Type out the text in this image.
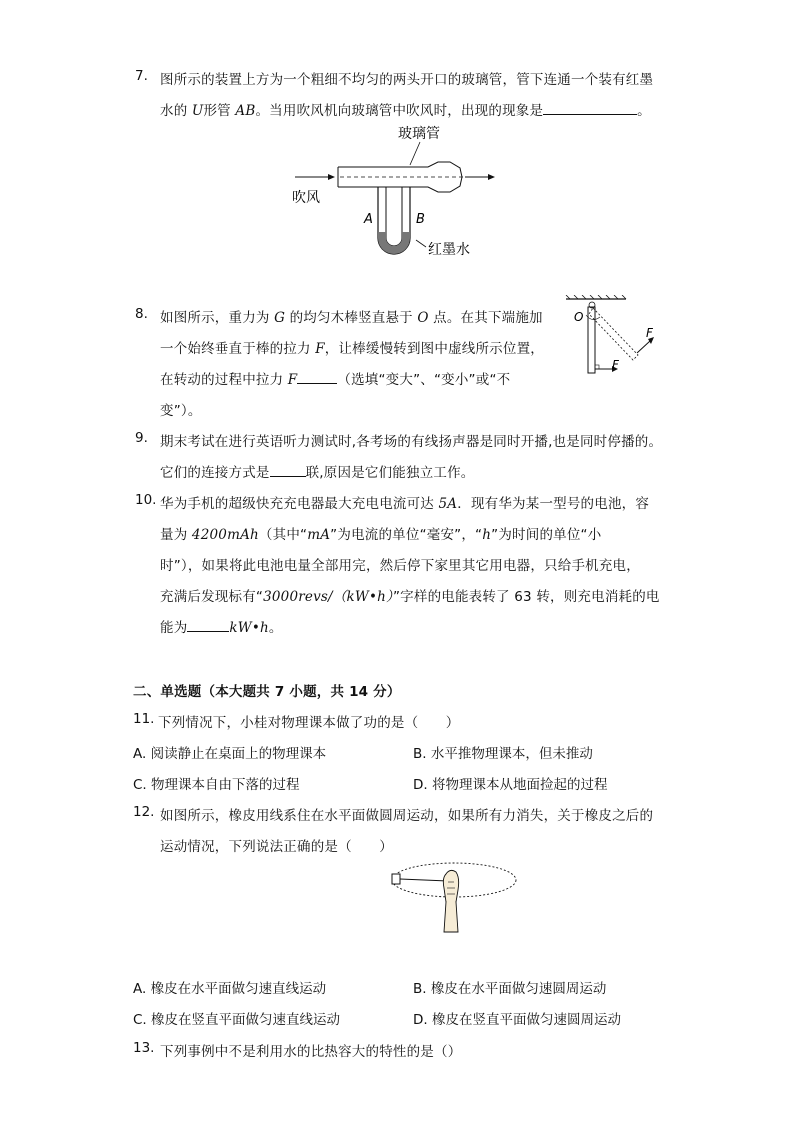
7. 图所示的装置上方为一个粗细不均匀的两头开口的玻璃管，管下连通一个装有红墨
水的 U形管 AB。当用吹风机向玻璃管中吹风时，出现的现象是	。
玻璃管
吹风
A	B
红墨水
8. 如图所示，重力为 G 的均匀木棒竖直悬于 O 点。在其下端施加
一个始终垂直于棒的拉力 F，让棒缓慢转到图中虚线所示位置，
在转动的过程中拉力 F	（选填“变大”、“变小”或“不
变”）。
O
F
F
9. 期末考试在进行英语听力测试时,各考场的有线扬声器是同时开播,也是同时停播的。
它们的连接方式是	联,原因是它们能独立工作。
10. 华为手机的超级快充充电器最大充电电流可达 5A．现有华为某一型号的电池，容
量为 4200mAh（其中“mA”为电流的单位“毫安”，“h”为时间的单位“小
时”），如果将此电池电量全部用完，然后停下家里其它用电器，只给手机充电，
充满后发现标有“3000revs/（kW•h）”字样的电能表转了 63 转，则充电消耗的电
能为	kW•h。
二、单选题（本大题共 7 小题，共 14 分）
11. 下列情况下，小桂对物理课本做了功的是（　　）
A. 阅读静止在桌面上的物理课本	B. 水平推物理课本，但未推动
C. 物理课本自由下落的过程	D. 将物理课本从地面捡起的过程
12. 如图所示，橡皮用线系住在水平面做圆周运动，如果所有力消失，关于橡皮之后的
运动情况，下列说法正确的是（　　）
A. 橡皮在水平面做匀速直线运动	B. 橡皮在水平面做匀速圆周运动
C. 橡皮在竖直平面做匀速直线运动	D. 橡皮在竖直平面做匀速圆周运动
13. 下列事例中不是利用水的比热容大的特性的是（）
